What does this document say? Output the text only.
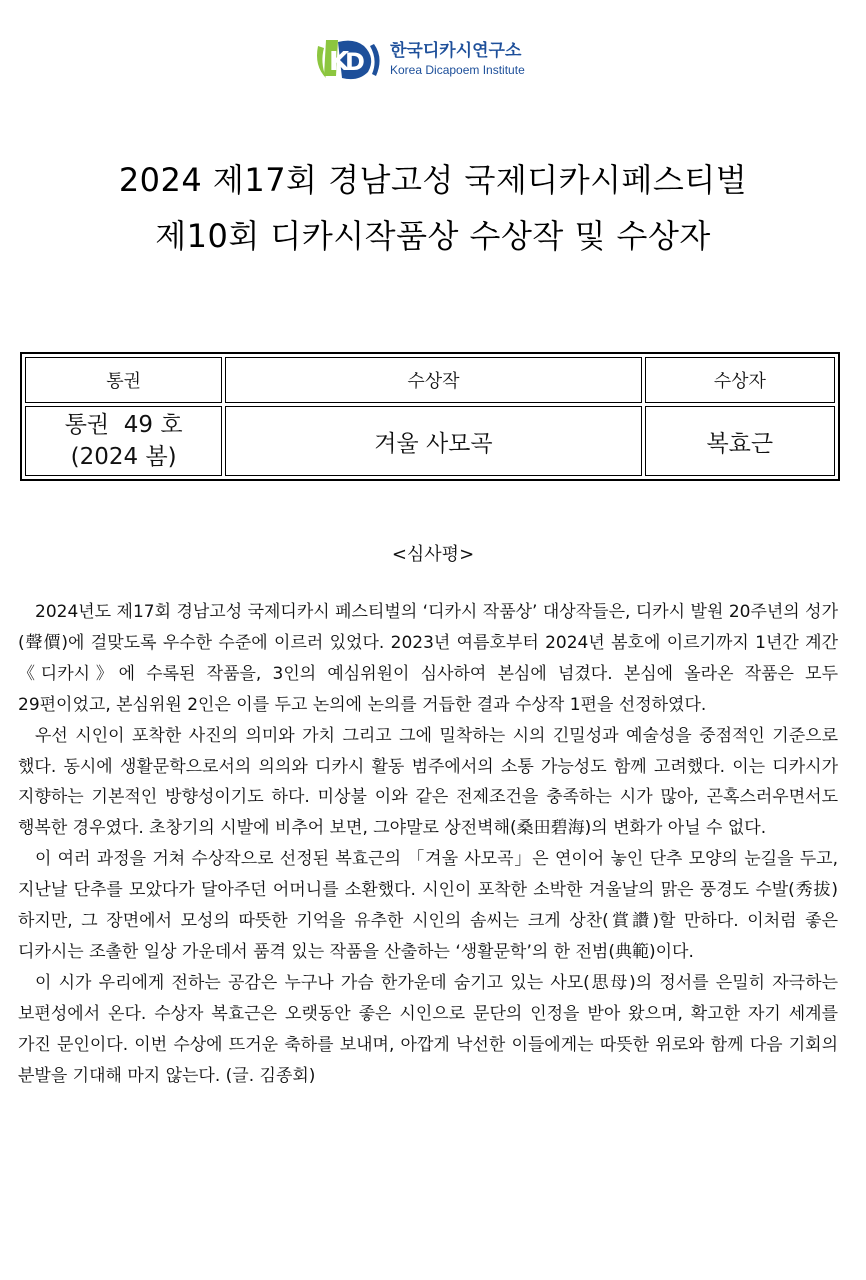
K
D 한국디카시연구소
Korea Dicapoem Institute
2024 제17회 경남고성 국제디카시페스티벌
제10회 디카시작품상 수상작 및 수상자
통권	수상작	수상자

통권  49 호
(2024 봄)	겨울 사모곡	복효근
<심사평>

2024년도 제17회 경남고성 국제디카시 페스티벌의 ‘디카시 작품상’ 대상작들은, 디카시 발원 20주년의 성가(聲價)에 걸맞도록 우수한 수준에 이르러 있었다. 2023년 여름호부터 2024년 봄호에 이르기까지 1년간 계간 《디카시》에 수록된 작품을, 3인의 예심위원이 심사하여 본심에 넘겼다. 본심에 올라온 작품은 모두 29편이었고, 본심위원 2인은 이를 두고 논의에 논의를 거듭한 결과 수상작 1편을 선정하였다.

우선 시인이 포착한 사진의 의미와 가치 그리고 그에 밀착하는 시의 긴밀성과 예술성을 중점적인 기준으로 했다. 동시에 생활문학으로서의 의의와 디카시 활동 범주에서의 소통 가능성도 함께 고려했다. 이는 디카시가 지향하는 기본적인 방향성이기도 하다. 미상불 이와 같은 전제조건을 충족하는 시가 많아, 곤혹스러우면서도 행복한 경우였다. 초창기의 시발에 비추어 보면, 그야말로 상전벽해(桑田碧海)의 변화가 아닐 수 없다.

이 여러 과정을 거쳐 수상작으로 선정된 복효근의 「겨울 사모곡」은 연이어 놓인 단추 모양의 눈길을 두고, 지난날 단추를 모았다가 달아주던 어머니를 소환했다. 시인이 포착한 소박한 겨울날의 맑은 풍경도 수발(秀拔)하지만, 그 장면에서 모성의 따뜻한 기억을 유추한 시인의 솜씨는 크게 상찬(賞讚)할 만하다. 이처럼 좋은 디카시는 조촐한 일상 가운데서 품격 있는 작품을 산출하는 ‘생활문학’의 한 전범(典範)이다.

이 시가 우리에게 전하는 공감은 누구나 가슴 한가운데 숨기고 있는 사모(思母)의 정서를 은밀히 자극하는 보편성에서 온다. 수상자 복효근은 오랫동안 좋은 시인으로 문단의 인정을 받아 왔으며, 확고한 자기 세계를 가진 문인이다. 이번 수상에 뜨거운 축하를 보내며, 아깝게 낙선한 이들에게는 따뜻한 위로와 함께 다음 기회의 분발을 기대해 마지 않는다. (글. 김종회)
